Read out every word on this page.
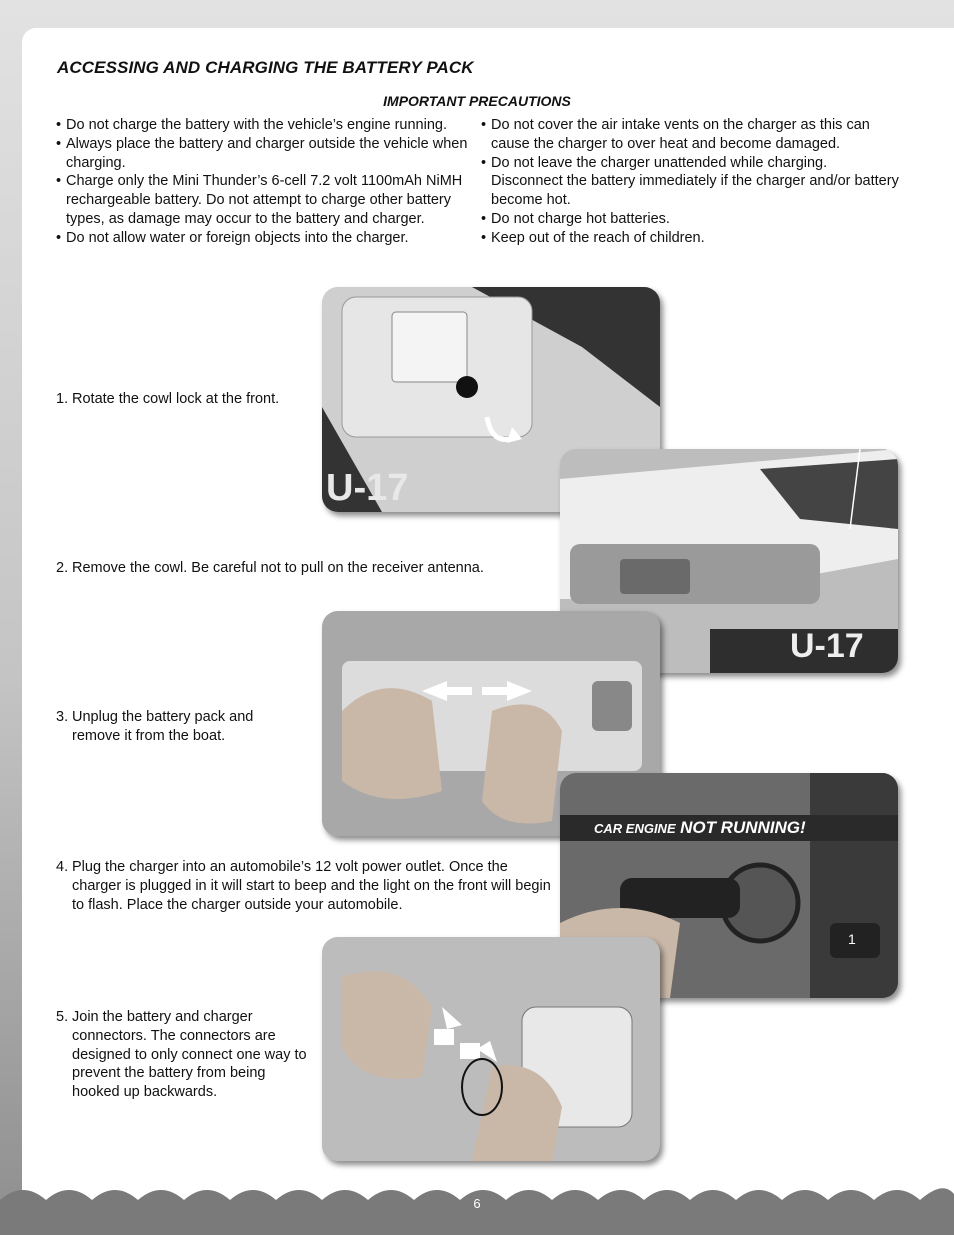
ACCESSING AND CHARGING THE BATTERY PACK
IMPORTANT PRECAUTIONS
• Do not charge the battery with the vehicle’s engine running.
• Always place the battery and charger outside the vehicle when charging.
• Charge only the Mini Thunder’s 6-cell 7.2 volt 1100mAh NiMH rechargeable battery. Do not attempt to charge other battery types, as damage may occur to the battery and charger.
• Do not allow water or foreign objects into the charger.
• Do not cover the air intake vents on the charger as this can cause the charger to over heat and become damaged.
• Do not leave the charger unattended while charging. Disconnect the battery immediately if the charger and/or battery become hot.
• Do not charge hot batteries.
• Keep out of the reach of children.
1. Rotate the cowl lock at the front.
2. Remove the cowl. Be careful not to pull on the receiver antenna.
3. Unplug the battery pack and remove it from the boat.
4. Plug the charger into an automobile’s 12 volt power outlet. Once the charger is plugged in it will start to beep and the light on the front will begin to flash. Place the charger outside your automobile.
5. Join the battery and charger connectors. The connectors are designed to only connect one way to prevent the battery from being hooked up backwards.
U-17
U-17
CAR ENGINE NOT RUNNING!
1
6
